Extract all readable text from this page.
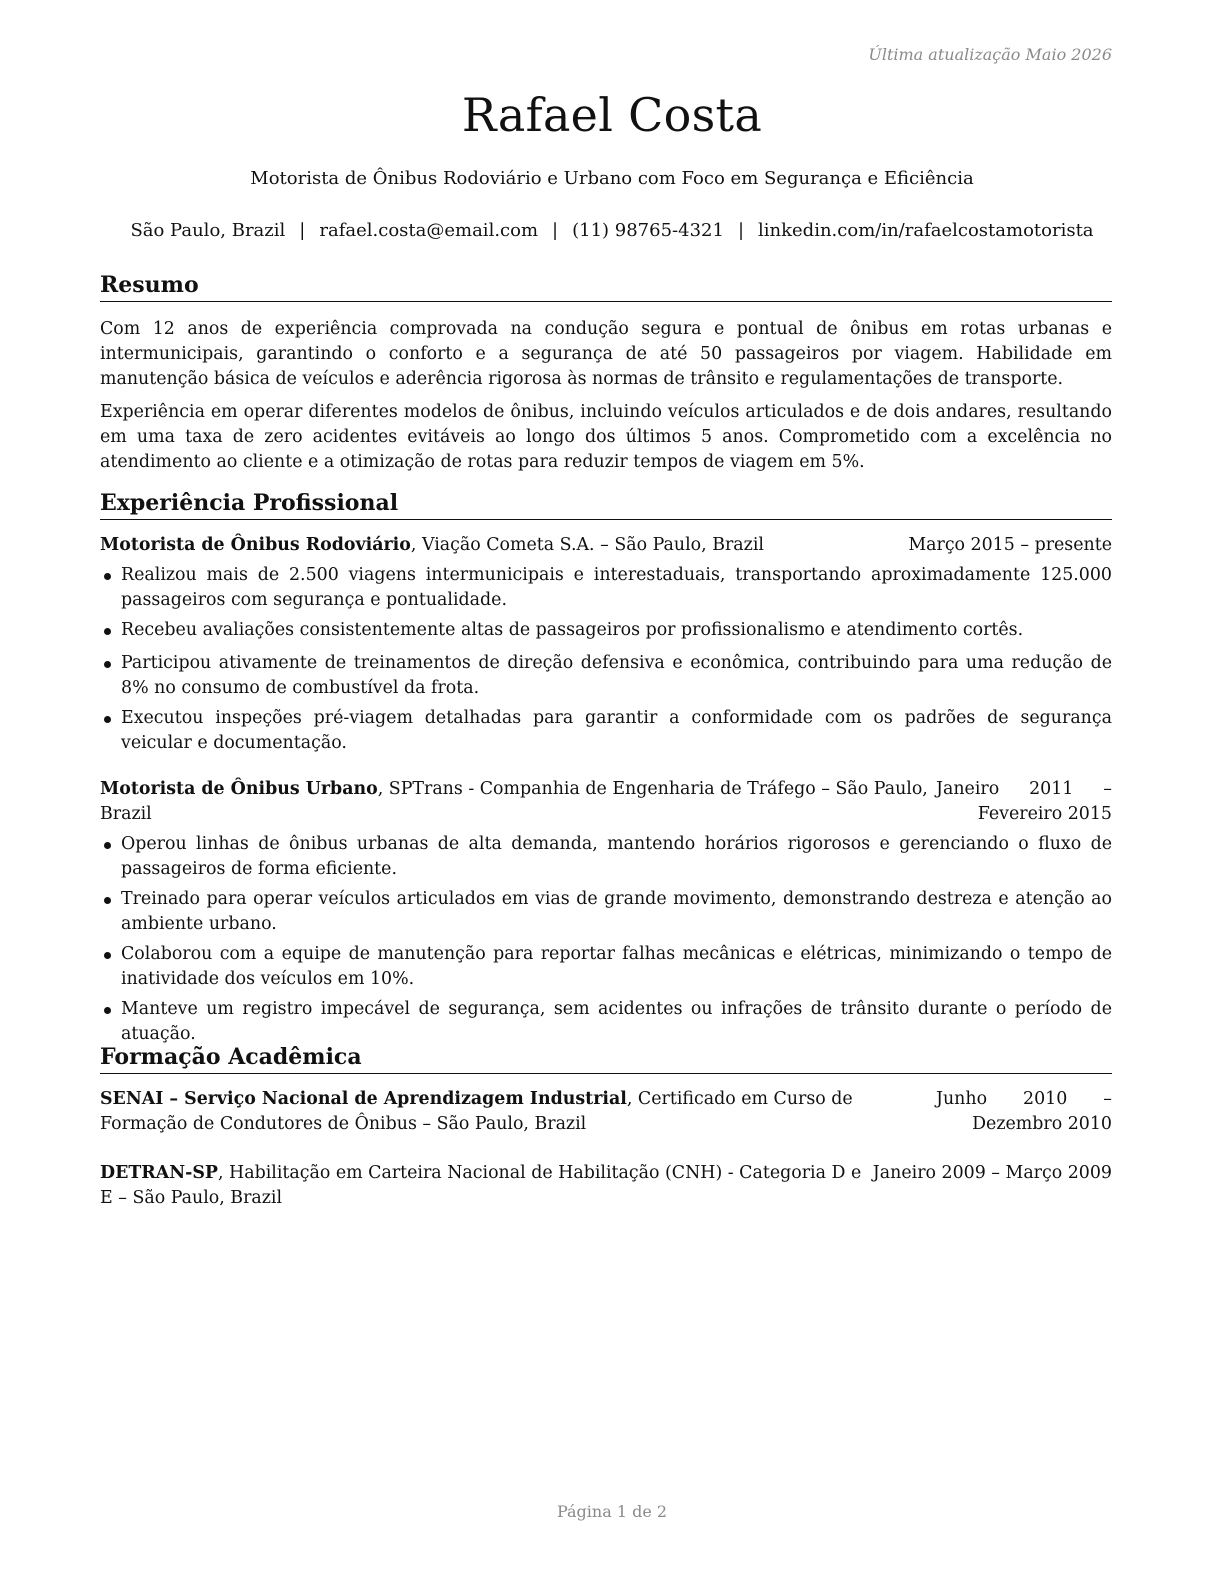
Última atualização Maio 2026
Rafael Costa
Motorista de Ônibus Rodoviário e Urbano com Foco em Segurança e Eficiência
São Paulo, Brazil | rafael.costa@email.com | (11) 98765-4321 | linkedin.com/in/rafaelcostamotorista
Resumo

Com 12 anos de experiência comprovada na condução segura e pontual de ônibus em rotas urbanas e intermunicipais, garantindo o conforto e a segurança de até 50 passageiros por viagem. Habilidade em manutenção básica de veículos e aderência rigorosa às normas de trânsito e regulamentações de transporte.

Experiência em operar diferentes modelos de ônibus, incluindo veículos articulados e de dois andares, resultando em uma taxa de zero acidentes evitáveis ao longo dos últimos 5 anos. Comprometido com a excelência no atendimento ao cliente e a otimização de rotas para reduzir tempos de viagem em 5%.

Experiência Profissional
Motorista de Ônibus Rodoviário, Viação Cometa S.A. – São Paulo, Brazil	Março 2015 – presente
Realizou mais de 2.500 viagens intermunicipais e interestaduais, transportando aproximadamente 125.000 passageiros com segurança e pontualidade.
Recebeu avaliações consistentemente altas de passageiros por profissionalismo e atendimento cortês.
Participou ativamente de treinamentos de direção defensiva e econômica, contribuindo para uma redução de 8% no consumo de combustível da frota.
Executou inspeções pré-viagem detalhadas para garantir a conformidade com os padrões de segurança veicular e documentação.
Motorista de Ônibus Urbano, SPTrans - Companhia de Engenharia de Tráfego – São Paulo, Brazil
Janeiro 2011 – Fevereiro 2015
Operou linhas de ônibus urbanas de alta demanda, mantendo horários rigorosos e gerenciando o fluxo de passageiros de forma eficiente.
Treinado para operar veículos articulados em vias de grande movimento, demonstrando destreza e atenção ao ambiente urbano.
Colaborou com a equipe de manutenção para reportar falhas mecânicas e elétricas, minimizando o tempo de inatividade dos veículos em 10%.
Manteve um registro impecável de segurança, sem acidentes ou infrações de trânsito durante o período de atuação.
Formação Acadêmica
SENAI – Serviço Nacional de Aprendizagem Industrial, Certificado em Curso de Formação de Condutores de Ônibus – São Paulo, Brazil
Junho 2010 – Dezembro 2010
DETRAN-SP, Habilitação em Carteira Nacional de Habilitação (CNH) - Categoria D e E – São Paulo, Brazil
Janeiro 2009 – Março 2009
Página 1 de 2
